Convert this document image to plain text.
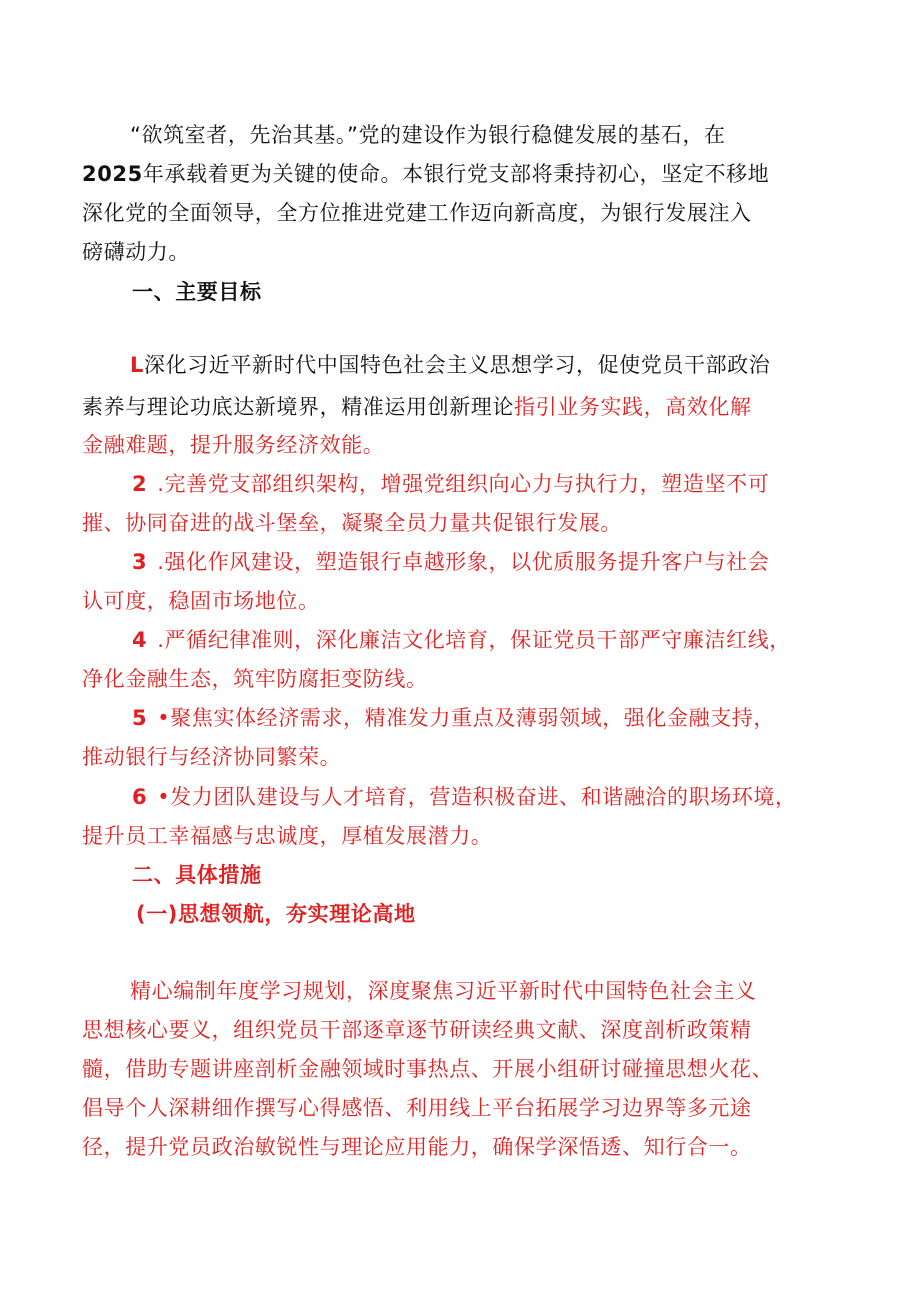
“欲筑室者，先治其基。”党的建设作为银行稳健发展的基石，在
2025年承载着更为关键的使命。本银行党支部将秉持初心，坚定不移地
深化党的全面领导，全方位推进党建工作迈向新高度，为银行发展注入
磅礴动力。
一、主要目标
L深化习近平新时代中国特色社会主义思想学习，促使党员干部政治
素养与理论功底达新境界，精准运用创新理论指引业务实践，高效化解
金融难题，提升服务经济效能。
2 .完善党支部组织架构，增强党组织向心力与执行力，塑造坚不可
摧、协同奋进的战斗堡垒，凝聚全员力量共促银行发展。
3 .强化作风建设，塑造银行卓越形象，以优质服务提升客户与社会
认可度，稳固市场地位。
4 .严循纪律准则，深化廉洁文化培育，保证党员干部严守廉洁红线，
净化金融生态，筑牢防腐拒变防线。
5 •聚焦实体经济需求，精准发力重点及薄弱领域，强化金融支持，
推动银行与经济协同繁荣。
6 •发力团队建设与人才培育，营造积极奋进、和谐融洽的职场环境，
提升员工幸福感与忠诚度，厚植发展潜力。
二、具体措施
(一)思想领航，夯实理论高地
精心编制年度学习规划，深度聚焦习近平新时代中国特色社会主义
思想核心要义，组织党员干部逐章逐节研读经典文献、深度剖析政策精
髓，借助专题讲座剖析金融领域时事热点、开展小组研讨碰撞思想火花、
倡导个人深耕细作撰写心得感悟、利用线上平台拓展学习边界等多元途
径，提升党员政治敏锐性与理论应用能力，确保学深悟透、知行合一。
